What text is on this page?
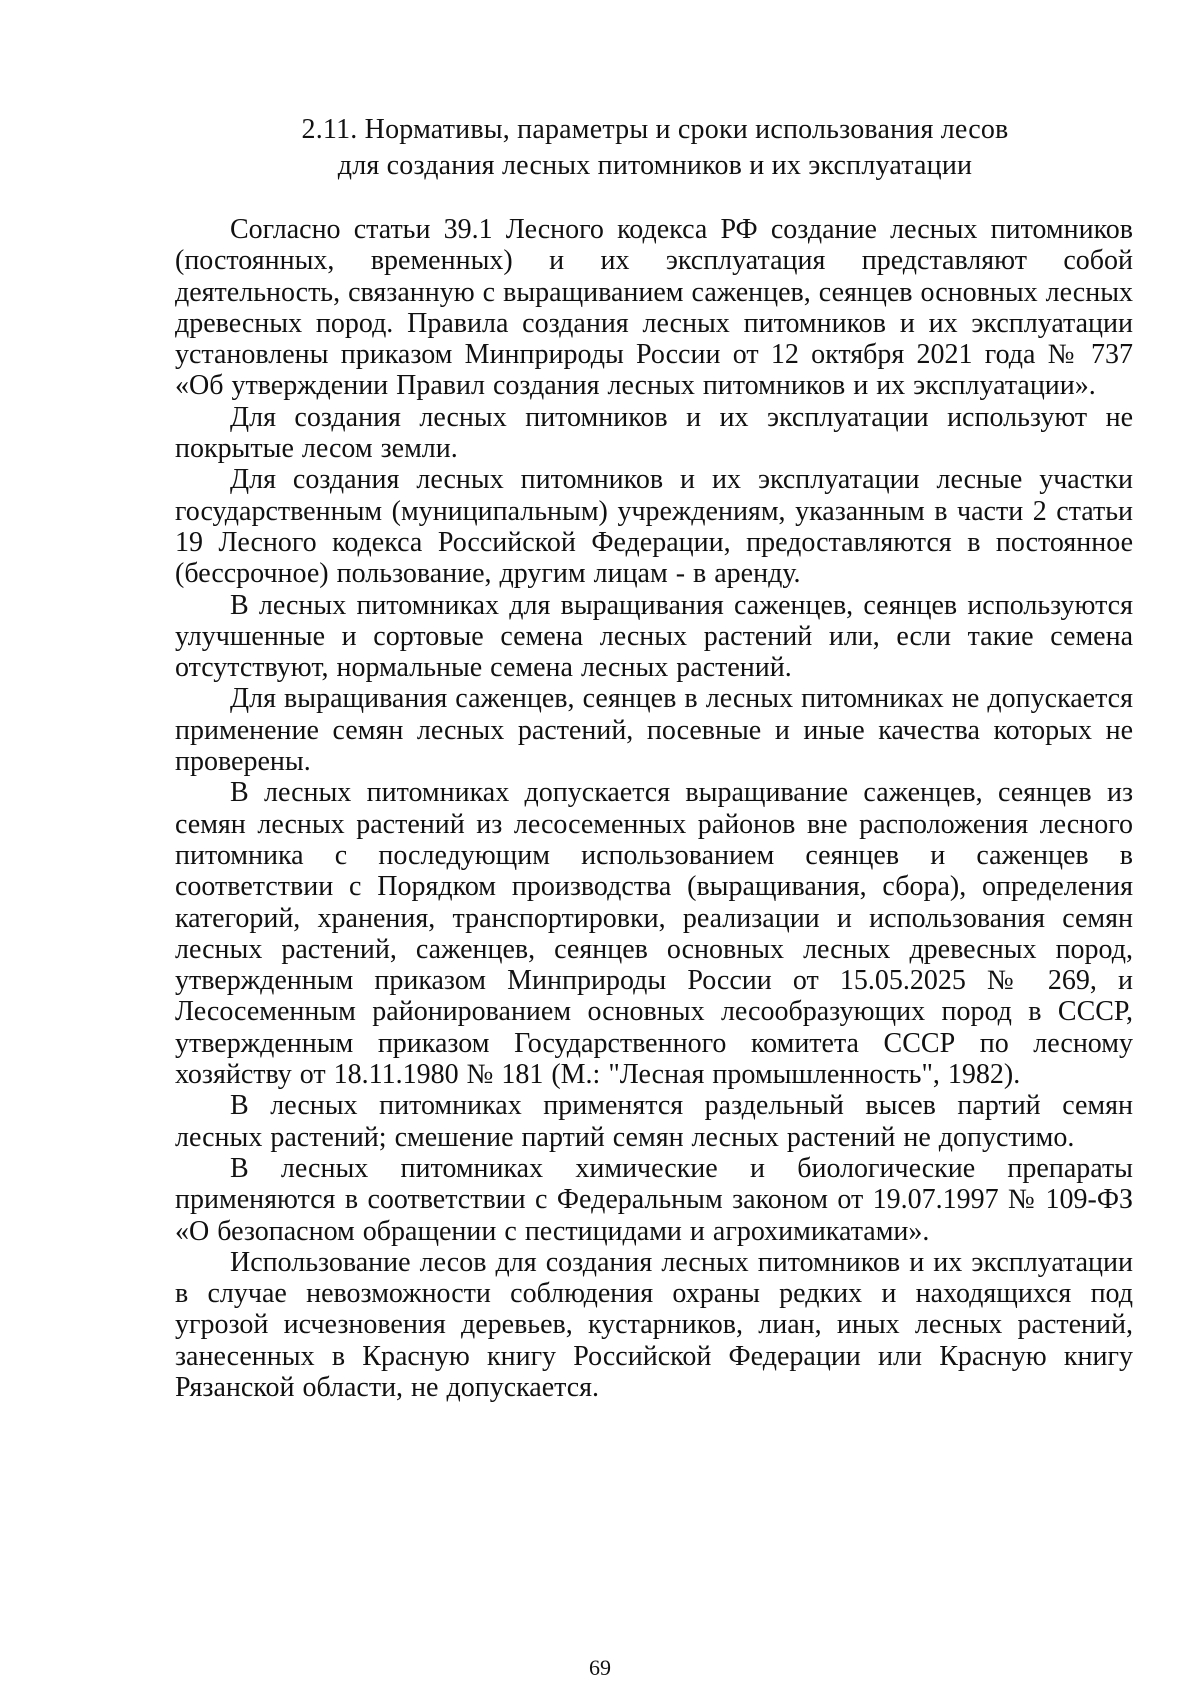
2.11. Нормативы, параметры и сроки использования лесов
для создания лесных питомников и их эксплуатации

Согласно статьи 39.1 Лесного кодекса РФ создание лесных питомников (постоянных, временных) и их эксплуатация представляют собой деятельность, связанную с выращиванием саженцев, сеянцев основных лесных древесных пород. Правила создания лесных питомников и их эксплуатации установлены приказом Минприроды России от 12 октября 2021 года № 737 «Об утверждении Правил создания лесных питомников и их эксплуатации».

Для создания лесных питомников и их эксплуатации используют не покрытые лесом земли.

Для создания лесных питомников и их эксплуатации лесные участки государственным (муниципальным) учреждениям, указанным в части 2 статьи 19 Лесного кодекса Российской Федерации, предоставляются в постоянное (бессрочное) пользование, другим лицам - в аренду.

В лесных питомниках для выращивания саженцев, сеянцев используются улучшенные и сортовые семена лесных растений или, если такие семена отсутствуют, нормальные семена лесных растений.

Для выращивания саженцев, сеянцев в лесных питомниках не допускается применение семян лесных растений, посевные и иные качества которых не проверены.

В лесных питомниках допускается выращивание саженцев, сеянцев из семян лесных растений из лесосеменных районов вне расположения лесного питомника с последующим использованием сеянцев и саженцев в соответствии с Порядком производства (выращивания, сбора), определения категорий, хранения, транспортировки, реализации и использования семян лесных растений, саженцев, сеянцев основных лесных древесных пород, утвержденным приказом Минприроды России от 15.05.2025 № 269, и Лесосеменным районированием основных лесообразующих пород в СССР, утвержденным приказом Государственного комитета СССР по лесному хозяйству от 18.11.1980 № 181 (М.: "Лесная промышленность", 1982).

В лесных питомниках применятся раздельный высев партий семян лесных растений; смешение партий семян лесных растений не допустимо.

В лесных питомниках химические и биологические препараты применяются в соответствии с Федеральным законом от 19.07.1997 № 109-ФЗ «О безопасном обращении с пестицидами и агрохимикатами».

Использование лесов для создания лесных питомников и их эксплуатации в случае невозможности соблюдения охраны редких и находящихся под угрозой исчезновения деревьев, кустарников, лиан, иных лесных растений, занесенных в Красную книгу Российской Федерации или Красную книгу Рязанской области, не допускается.

69
